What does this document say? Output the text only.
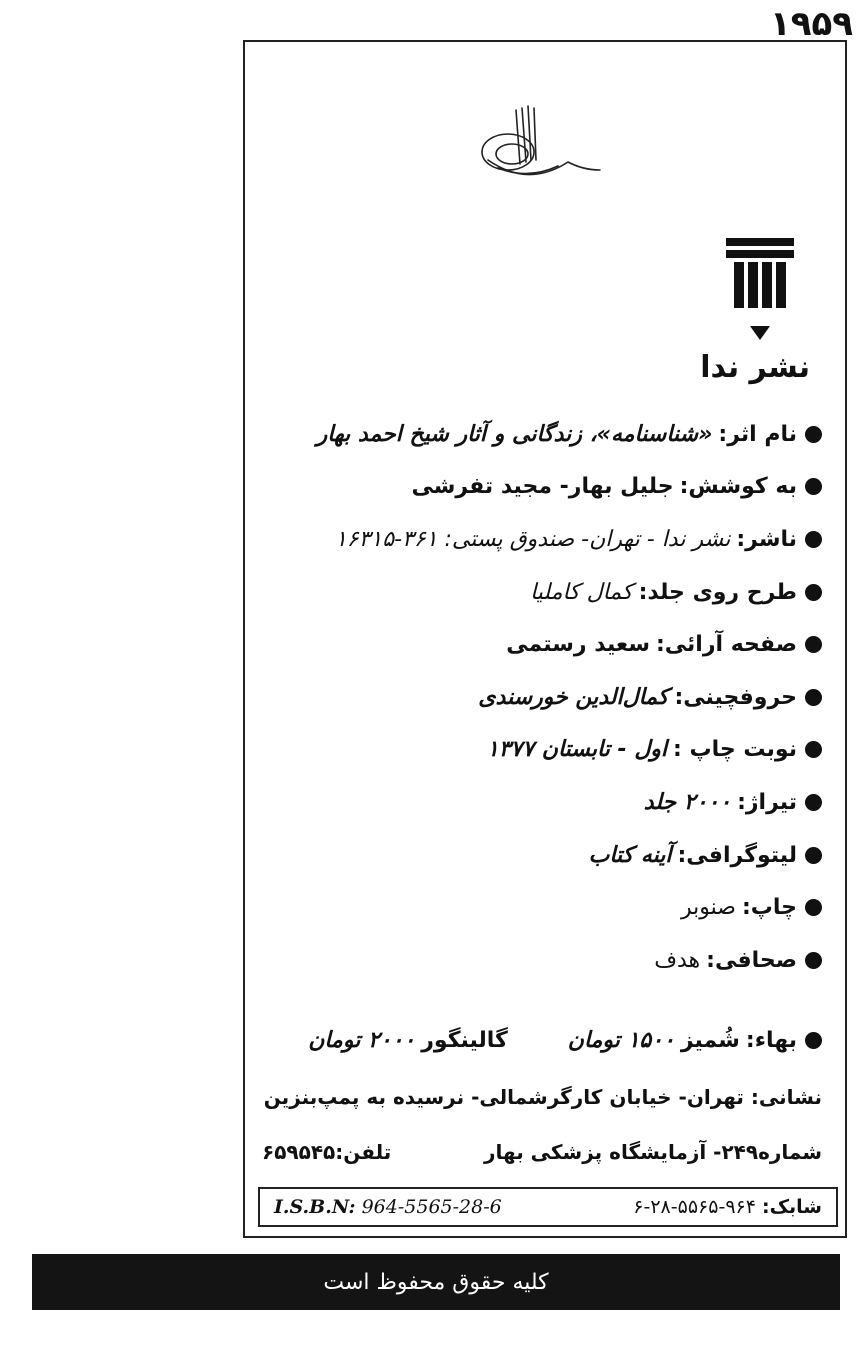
۱۹۵۹
نشر ندا
نام اثر:
«شناسنامه»، زندگانی و آثار شیخ احمد بهار
به کوشش:
جلیل بهار- مجید تفرشی
ناشر:
نشر ندا - تهران- صندوق پستی: ۳۶۱-۱۶۳۱۵
طرح روی جلد:
کمال کاملیا
صفحه آرائی:
سعید رستمی
حروفچینی:
کمال‌الدین خورسندی
نوبت چاپ :
اول - تابستان ۱۳۷۷
تیراژ:
۲۰۰۰ جلد
لیتوگرافی:
آینه کتاب
چاپ:
صنوبر
صحافی:
هدف
بهاء:
شُمیز
۱۵۰۰ تومان
گالینگور
۲۰۰۰ تومان
نشانی: تهران- خیابان کارگرشمالی- نرسیده به پمپ‌بنزین
شماره۲۴۹- آزمایشگاه پزشکی بهار
تلفن:۶۵۹۵۴۵
I.S.B.N: 964-5565-28-6	شابک: ۹۶۴-۵۵۶۵-۲۸-۶
کلیه حقوق محفوظ است
